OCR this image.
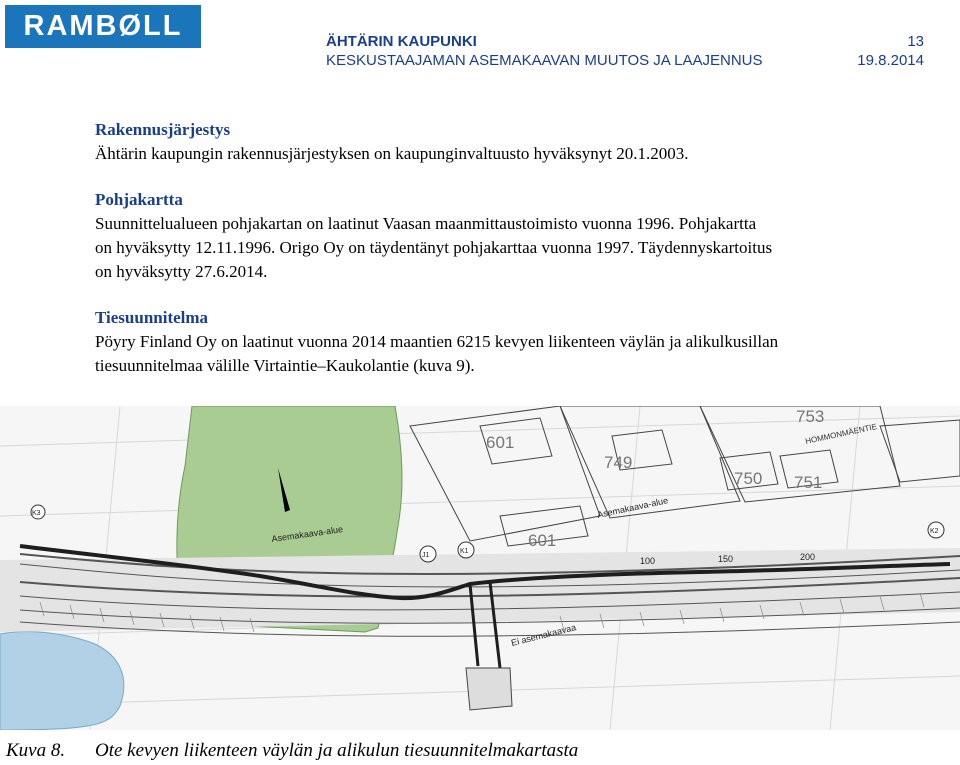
RAMBØLL	ÄHTÄRIN KAUPUNKI	13
KESKUSTAAJAMAN ASEMAKAAVAN MUUTOS JA LAAJENNUS	19.8.2014
Rakennusjärjestys
Ähtärin kaupungin rakennusjärjestyksen on kaupunginvaltuusto hyväksynyt 20.1.2003.
Pohjakartta
Suunnittelualueen pohjakartan on laatinut Vaasan maanmittaustoimisto vuonna 1996. Pohjakartta
on hyväksytty 12.11.1996. Origo Oy on täydentänyt pohjakarttaa vuonna 1997. Täydennyskartoitus
on hyväksytty 27.6.2014.
Tiesuunnitelma
Pöyry Finland Oy on laatinut vuonna 2014 maantien 6215 kevyen liikenteen väylän ja alikulkusillan
tiesuunnitelmaa välille Virtaintie–Kaukolantie (kuva 9).
100	150	200
601
601
749
750 751
753
HOMMONMÄENTIE
Asemakaava-alue
Asemakaava-alue
Ei asemakaavaa
J1
K1
K2
K3
Kuva 8. Ote kevyen liikenteen väylän ja alikulun tiesuunnitelmakartasta
